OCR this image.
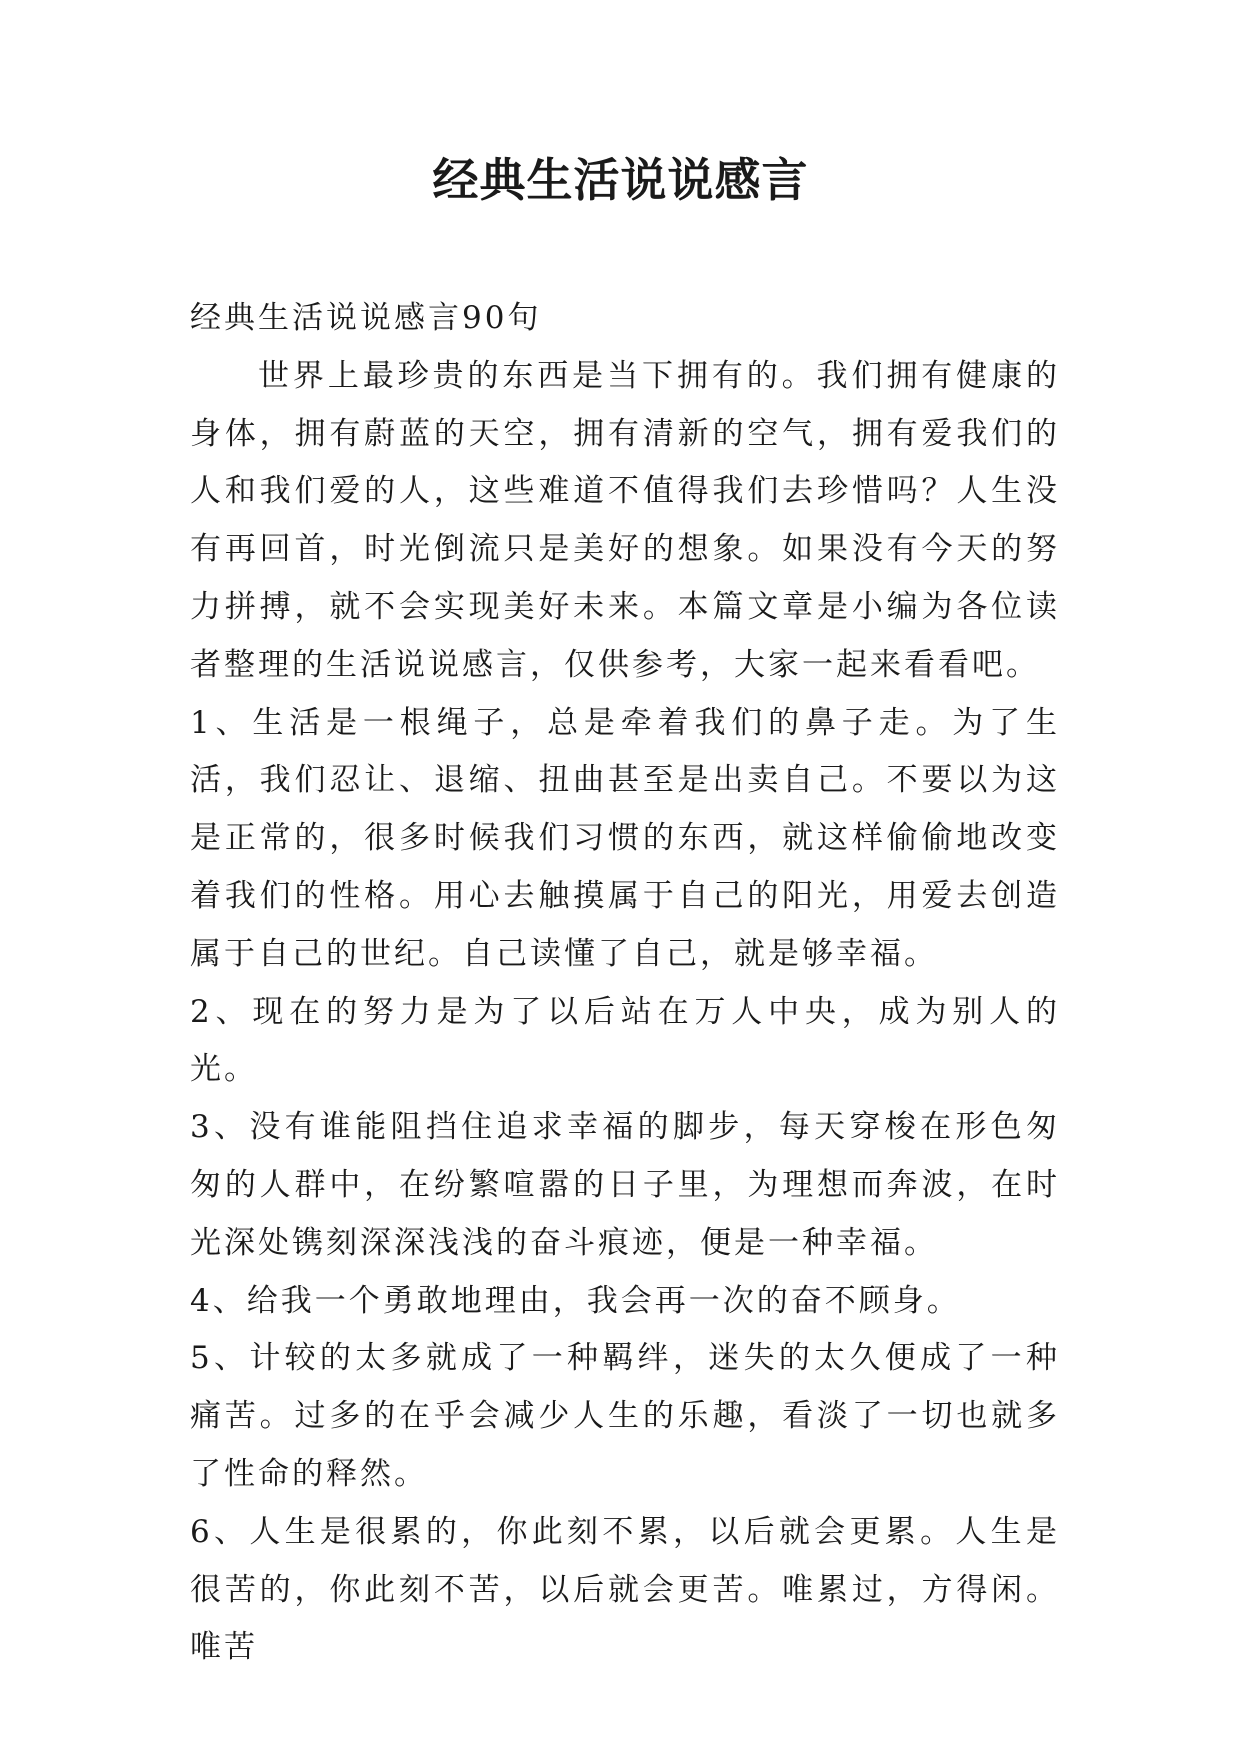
经典生活说说感言

经典生活说说感言90句

世界上最珍贵的东西是当下拥有的。我们拥有健康的身体，拥有蔚蓝的天空，拥有清新的空气，拥有爱我们的人和我们爱的人，这些难道不值得我们去珍惜吗？人生没有再回首，时光倒流只是美好的想象。如果没有今天的努力拼搏，就不会实现美好未来。本篇文章是小编为各位读者整理的生活说说感言，仅供参考，大家一起来看看吧。

1、生活是一根绳子，总是牵着我们的鼻子走。为了生活，我们忍让、退缩、扭曲甚至是出卖自己。不要以为这是正常的，很多时候我们习惯的东西，就这样偷偷地改变着我们的性格。用心去触摸属于自己的阳光，用爱去创造属于自己的世纪。自己读懂了自己，就是够幸福。

2、现在的努力是为了以后站在万人中央，成为别人的光。

3、没有谁能阻挡住追求幸福的脚步，每天穿梭在形色匆匆的人群中，在纷繁喧嚣的日子里，为理想而奔波，在时光深处镌刻深深浅浅的奋斗痕迹，便是一种幸福。

4、给我一个勇敢地理由，我会再一次的奋不顾身。

5、计较的太多就成了一种羁绊，迷失的太久便成了一种痛苦。过多的在乎会减少人生的乐趣，看淡了一切也就多了性命的释然。

6、人生是很累的，你此刻不累，以后就会更累。人生是很苦的，你此刻不苦，以后就会更苦。唯累过，方得闲。唯苦
